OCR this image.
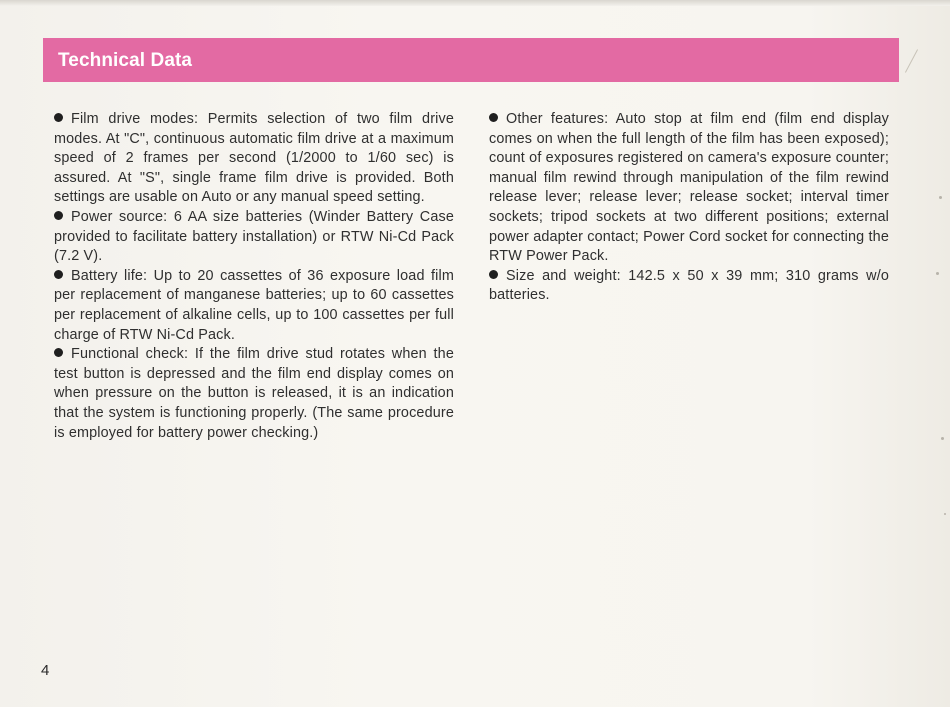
Technical Data

Film drive modes: Permits selection of two film drive modes. At "C", continuous automatic film drive at a maximum speed of 2 frames per second (1/2000 to 1/60 sec) is assured. At "S", single frame film drive is provided. Both settings are usable on Auto or any manual speed setting.

Power source: 6 AA size batteries (Winder Battery Case provided to facilitate battery installation) or RTW Ni-Cd Pack (7.2 V).

Battery life: Up to 20 cassettes of 36 exposure load film per replacement of manganese batteries; up to 60 cassettes per replacement of alkaline cells, up to 100 cassettes per full charge of RTW Ni-Cd Pack.

Functional check: If the film drive stud rotates when the test button is depressed and the film end display comes on when pressure on the button is released, it is an indication that the system is functioning properly. (The same procedure is employed for battery power checking.)

Other features: Auto stop at film end (film end display comes on when the full length of the film has been exposed); count of exposures registered on camera's exposure counter; manual film rewind through manipulation of the film rewind release lever; release lever; release socket; interval timer sockets; tripod sockets at two different positions; external power adapter contact; Power Cord socket for connecting the RTW Power Pack.

Size and weight: 142.5 x 50 x 39 mm; 310 grams w/o batteries.

4
